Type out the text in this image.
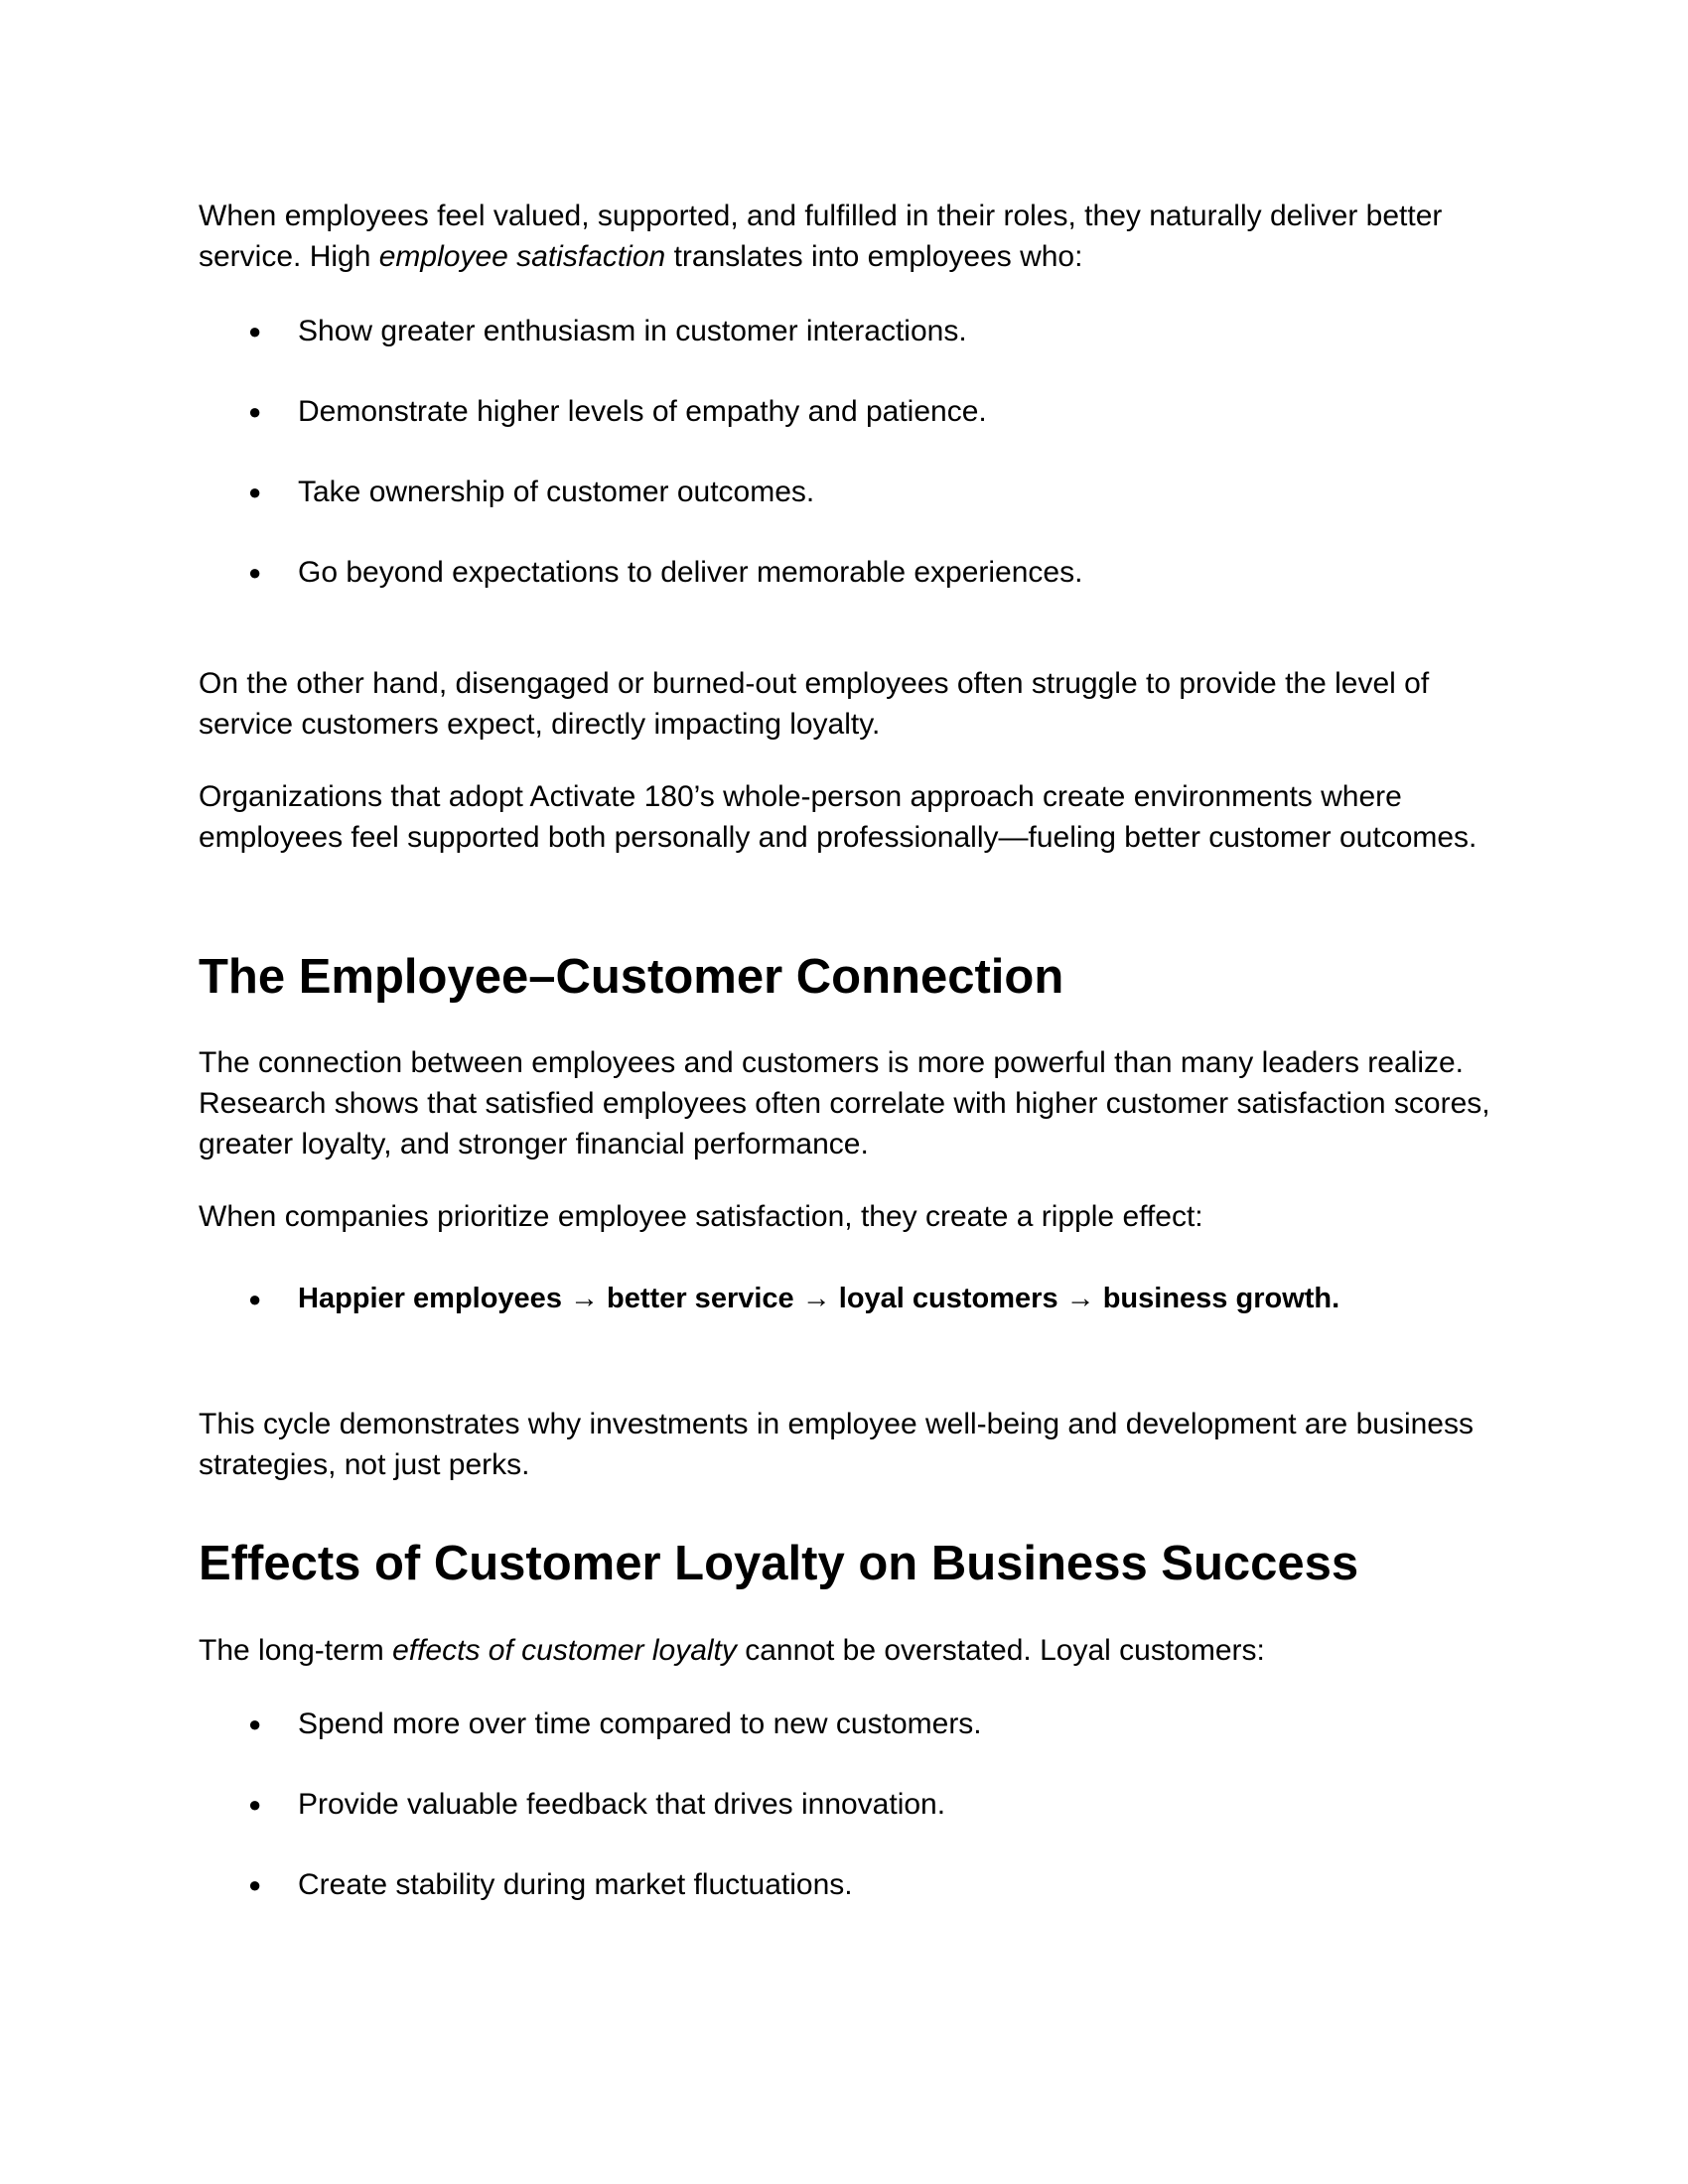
When employees feel valued, supported, and fulfilled in their roles, they naturally deliver better service. High employee satisfaction translates into employees who:

●	Show greater enthusiasm in customer interactions.
●	Demonstrate higher levels of empathy and patience.
●	Take ownership of customer outcomes.
●	Go beyond expectations to deliver memorable experiences.

On the other hand, disengaged or burned-out employees often struggle to provide the level of service customers expect, directly impacting loyalty.

Organizations that adopt Activate 180’s whole-person approach create environments where employees feel supported both personally and professionally—fueling better customer outcomes.

The Employee–Customer Connection

The connection between employees and customers is more powerful than many leaders realize. Research shows that satisfied employees often correlate with higher customer satisfaction scores, greater loyalty, and stronger financial performance.

When companies prioritize employee satisfaction, they create a ripple effect:

●	Happier employees → better service → loyal customers → business growth.

This cycle demonstrates why investments in employee well-being and development are business strategies, not just perks.

Effects of Customer Loyalty on Business Success

The long-term effects of customer loyalty cannot be overstated. Loyal customers:

●	Spend more over time compared to new customers.
●	Provide valuable feedback that drives innovation.
●	Create stability during market fluctuations.
